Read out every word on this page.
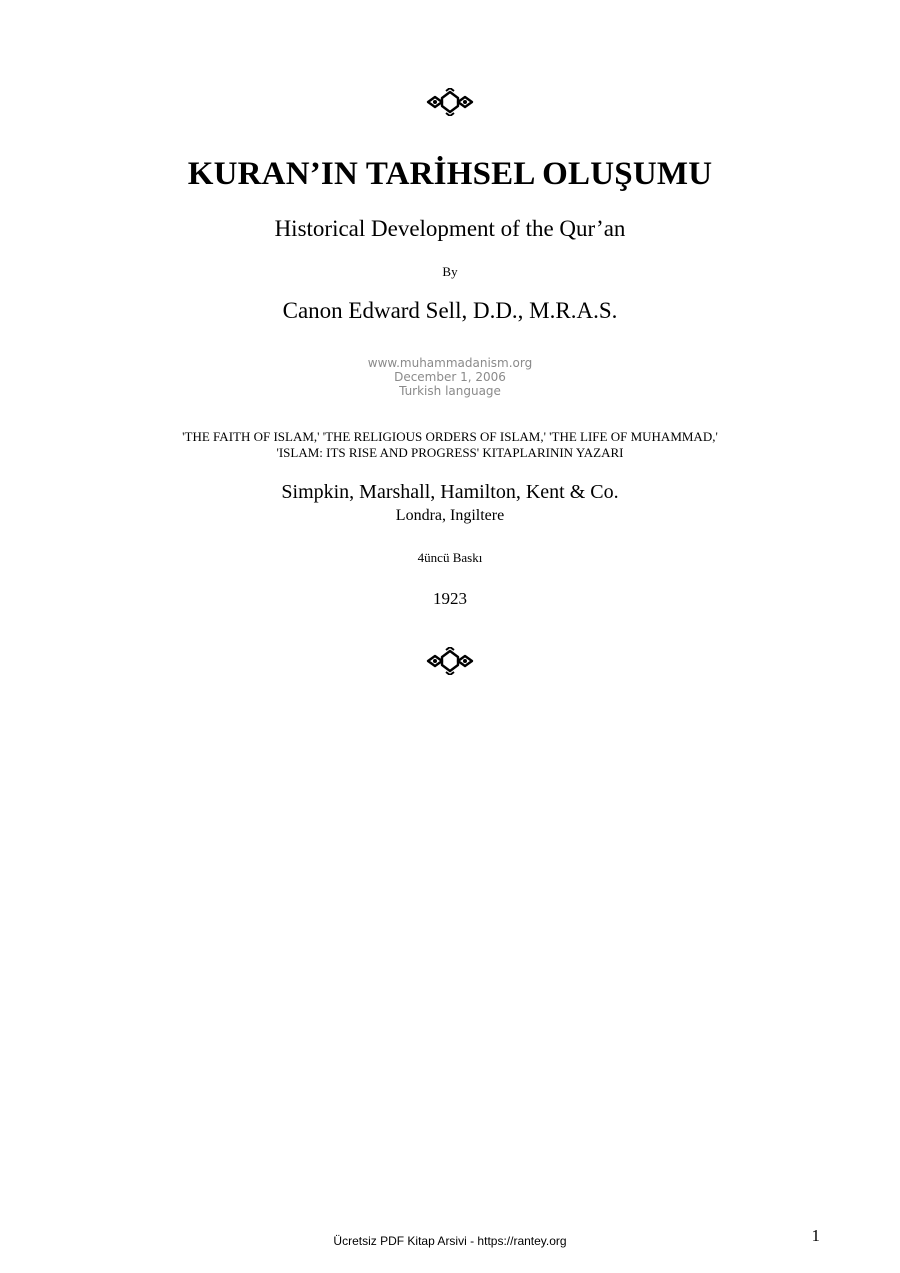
KURAN’IN TARİHSEL OLUŞUMU
Historical Development of the Qur’an
By
Canon Edward Sell, D.D., M.R.A.S.
www.muhammadanism.org
December 1, 2006
Turkish language
'THE FAITH OF ISLAM,' 'THE RELIGIOUS ORDERS OF ISLAM,' 'THE LIFE OF MUHAMMAD,'
'ISLAM: ITS RISE AND PROGRESS' KITAPLARININ YAZARI
Simpkin, Marshall, Hamilton, Kent & Co.
Londra, Ingiltere
4üncü Baskı
1923
Ücretsiz PDF Kitap Arsivi - https://rantey.org	1
